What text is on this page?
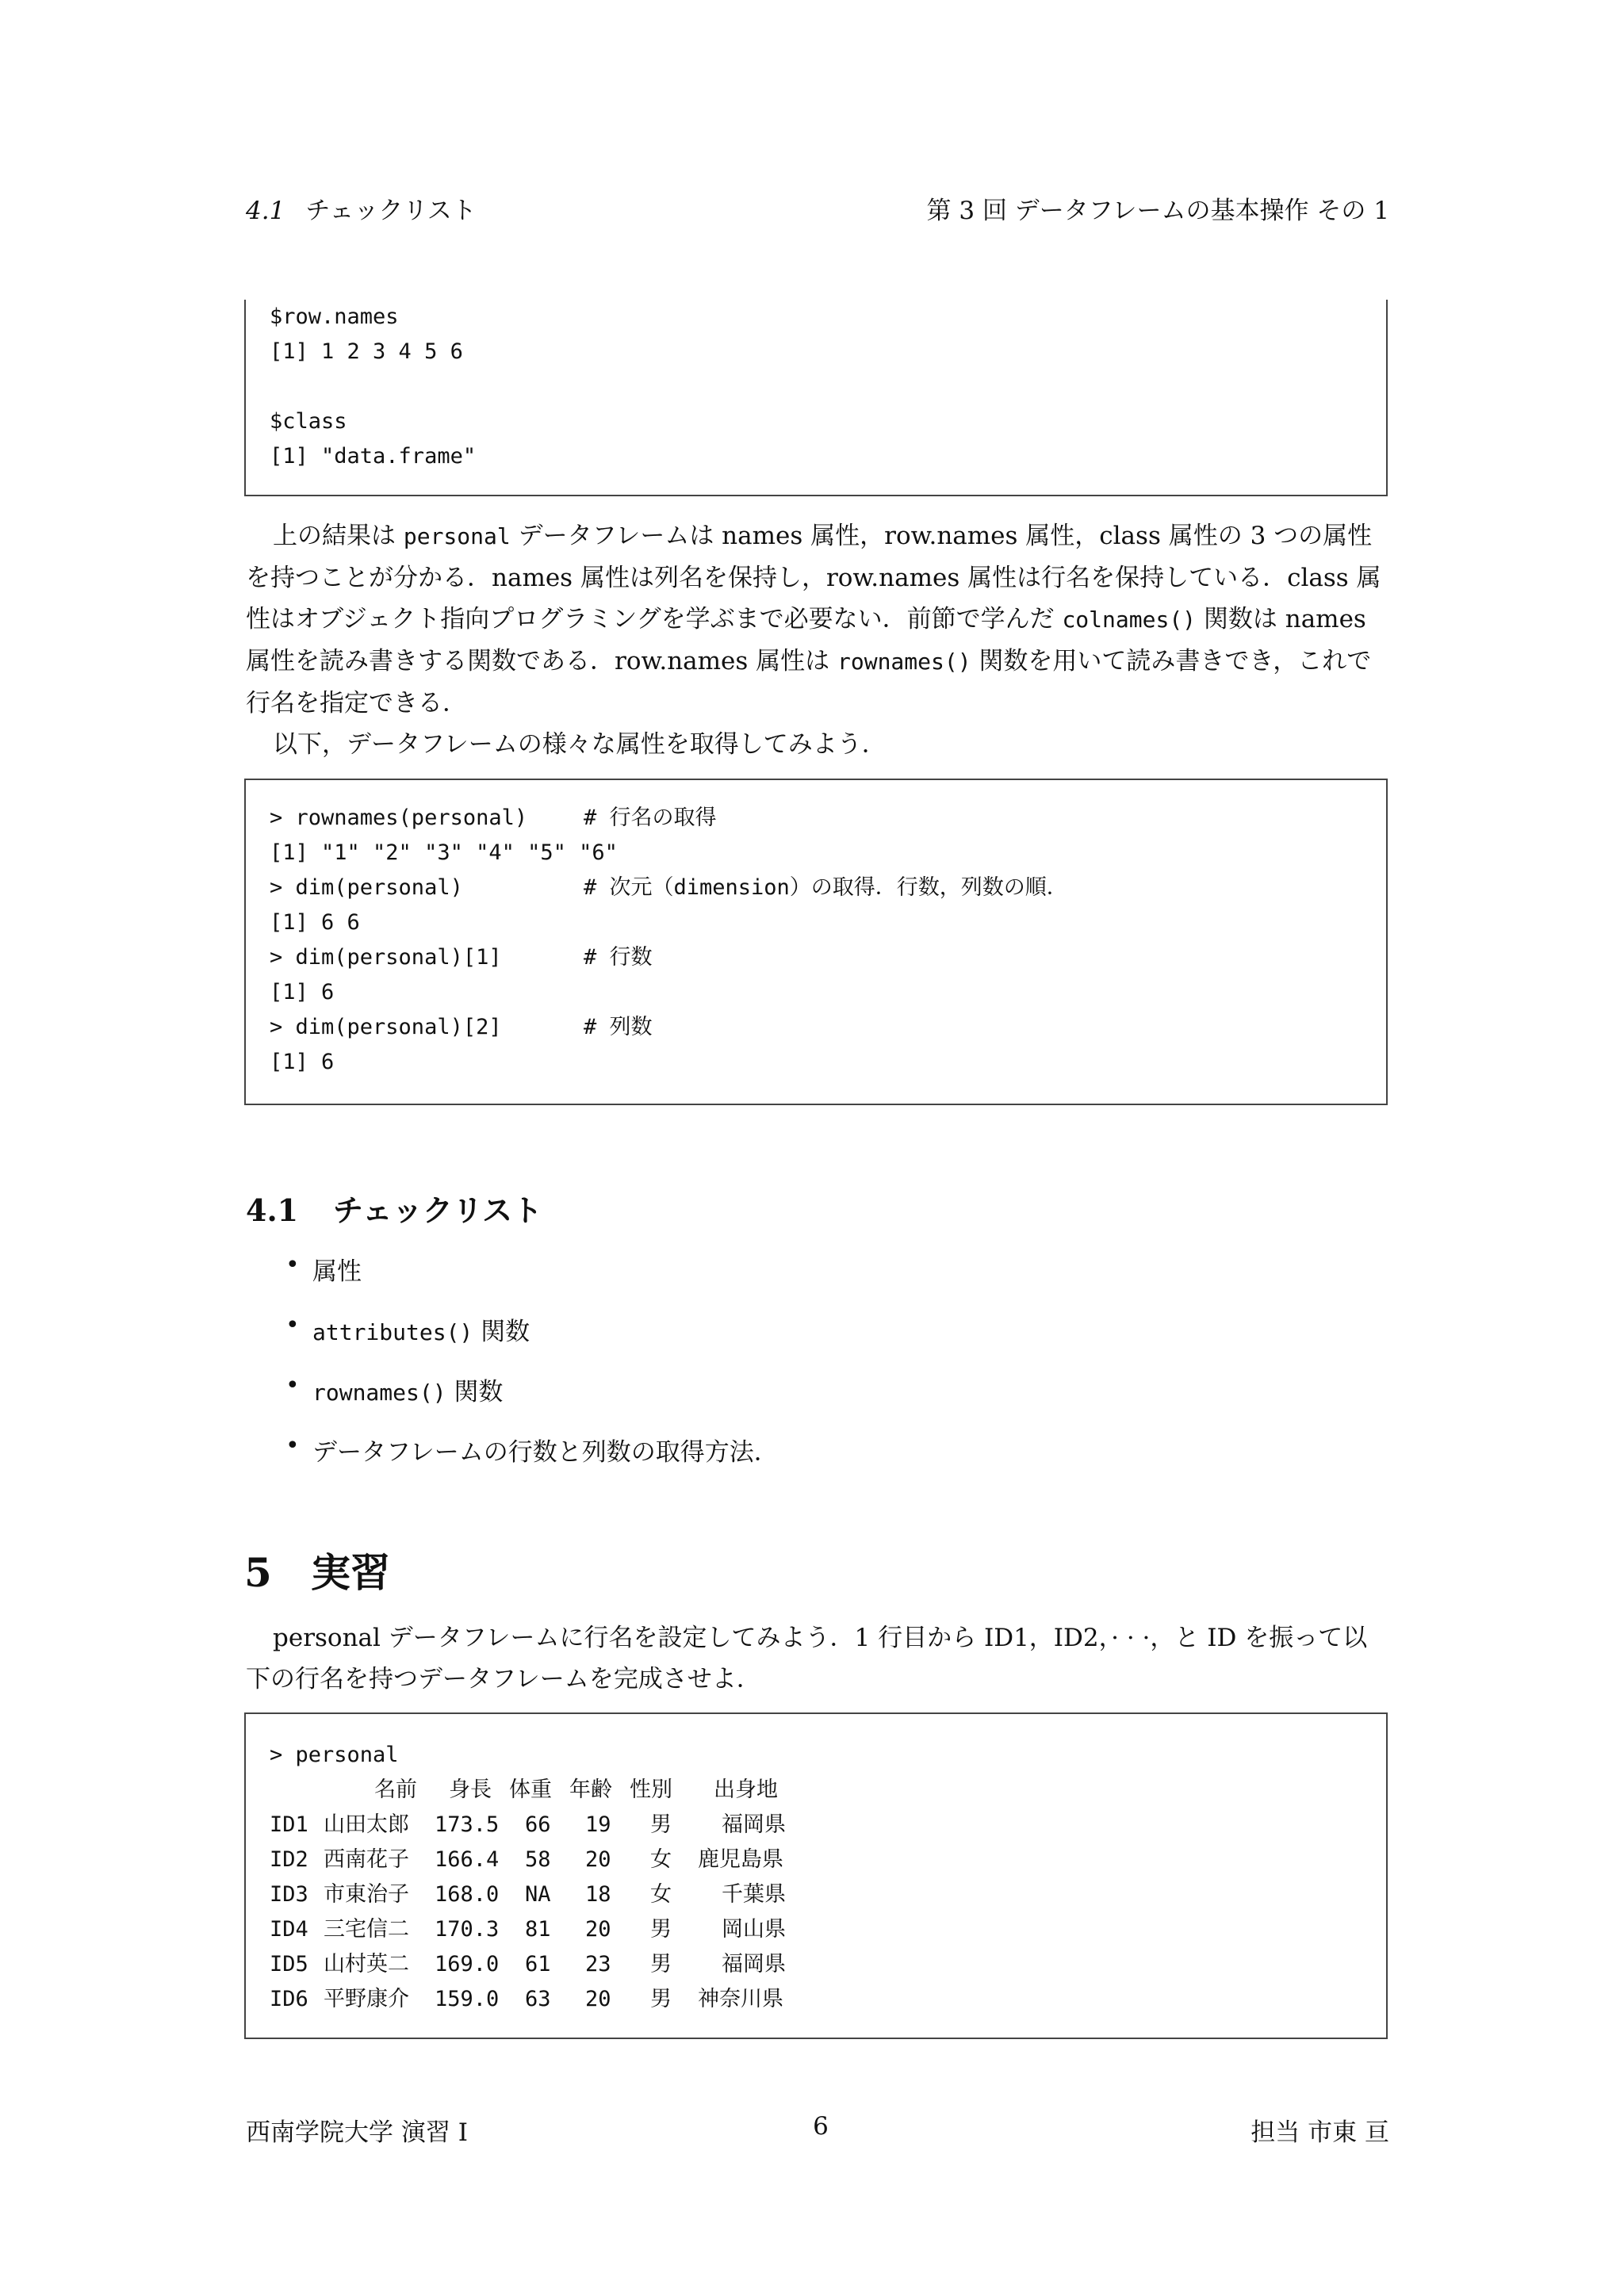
4.1 チェックリスト	第 3 回 データフレームの基本操作 その 1
$row.names
[1] 1 2 3 4 5 6
$class
[1] "data.frame"
上の結果は personal データフレームは names 属性，row.names 属性，class 属性の 3 つの属性を持つことが分かる．names 属性は列名を保持し，row.names 属性は行名を保持している．class 属性はオブジェクト指向プログラミングを学ぶまで必要ない．前節で学んだ colnames() 関数は names 属性を読み書きする関数である．row.names 属性は rownames() 関数を用いて読み書きでき，これで行名を指定できる．
以下，データフレームの様々な属性を取得してみよう．
> rownames(personal)	# 行名の取得
[1] "1" "2" "3" "4" "5" "6"
> dim(personal)	# 次元（dimension）の取得．行数，列数の順．
[1] 6 6
> dim(personal)[1]	# 行数
[1] 6
> dim(personal)[2]	# 列数
[1] 6
4.1 チェックリスト
• 属性
• attributes() 関数
• rownames() 関数
• データフレームの行数と列数の取得方法．
5 実習
personal データフレームに行名を設定してみよう．1 行目から ID1，ID2，· · ·，と ID を振って以下の行名を持つデータフレームを完成させよ．
> personal
名前 身長 体重 年齢 性別 出身地
ID1 山田太郎 173.5 66 19 男 福岡県
ID2 西南花子 166.4 58 20 女 鹿児島県
ID3 市東治子 168.0 NA 18 女 千葉県
ID4 三宅信二 170.3 81 20 男 岡山県
ID5 山村英二 169.0 61 23 男 福岡県
ID6 平野康介 159.0 63 20 男 神奈川県
西南学院大学 演習 I	6	担当 市東 亘
